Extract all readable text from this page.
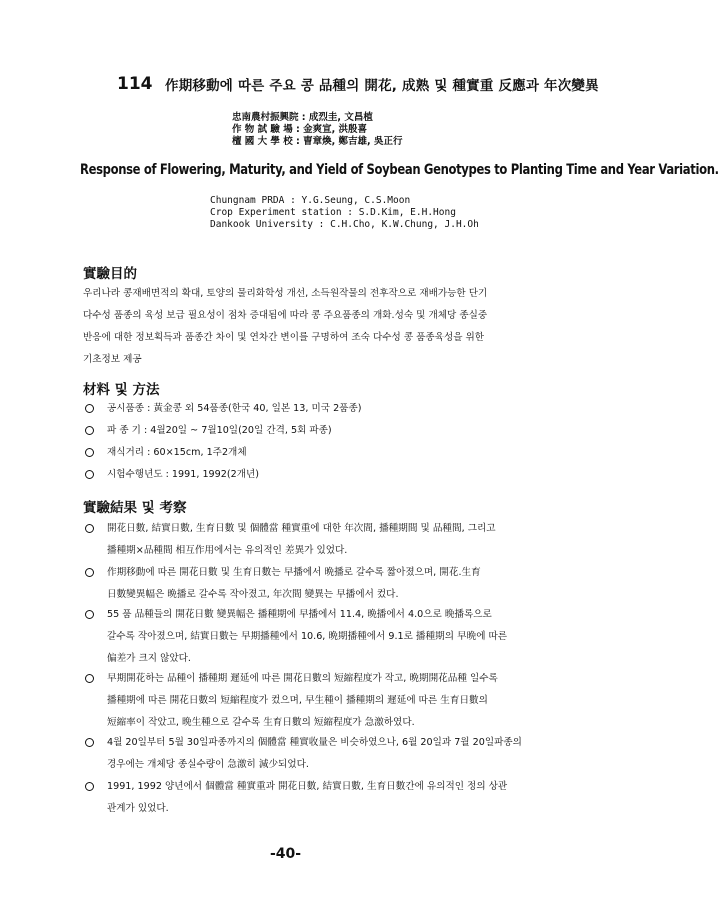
114 作期移動에 따른 주요 콩 品種의 開花, 成熟 및 種實重 反應과 年次變異
忠南農村振興院 : 成烈圭, 文昌植
作 物 試 驗 場 : 金爽宣, 洪殷喜
檀 國 大 學 校 : 曺章煥, 鄭吉雄, 吳正行
Response of Flowering, Maturity, and Yield of Soybean Genotypes to Planting Time and Year Variation.
Chungnam PRDA : Y.G.Seung, C.S.Moon
Crop Experiment station : S.D.Kim, E.H.Hong
Dankook University : C.H.Cho, K.W.Chung, J.H.Oh
實驗目的
우리나라 콩재배면적의 확대, 토양의 물리화학성 개선, 소득원작물의 전후작으로 재배가능한 단기
다수성 품종의 육성 보급 필요성이 점차 증대됨에 따라 콩 주요품종의 개화.성숙 및 개체당 종실중
반응에 대한 정보획득과 품종간 차이 및 연차간 변이를 구명하여 조숙 다수성 콩 품종육성을 위한
기초정보 제공
材料 및 方法
공시품종 : 黃金콩 외 54품종(한국 40, 일본 13, 미국 2품종)
파 종 기 : 4월20일 ~ 7월10일(20일 간격, 5회 파종)
재식거리 : 60×15cm, 1주2개체
시험수행년도 : 1991, 1992(2개년)
實驗結果 및 考察
開花日數, 結實日數, 生育日數 및 個體當 種實重에 대한 年次間, 播種期間 및 品種間, 그리고
播種期×品種間 相互作用에서는 유의적인 差異가 있었다.
作期移動에 따른 開花日數 및 生育日數는 早播에서 晩播로 갈수록 짧아졌으며, 開花.生育
日數變異幅은 晩播로 갈수록 작아졌고, 年次間 變異는 早播에서 컸다.
55 품 品種들의 開花日數 變異幅은 播種期에 早播에서 11.4, 晩播에서 4.0으로 晩播록으로
갈수록 작아졌으며, 結實日數는 早期播種에서 10.6, 晩期播種에서 9.1로 播種期의 早晩에 따른
偏差가 크지 않았다.
早期開花하는 品種이 播種期 遲延에 따른 開花日數의 短縮程度가 작고, 晩期開花品種 일수록
播種期에 따른 開花日數의 短縮程度가 컸으며, 早生種이 播種期의 遲延에 따른 生育日數의
短縮率이 작았고, 晩生種으로 갈수록 生育日數의 短縮程度가 急激하였다.
4월 20일부터 5월 30일파종까지의 個體當 種實收量은 비슷하였으나, 6월 20일과 7월 20일파종의
경우에는 개체당 종실수량이 急激히 減少되었다.
1991, 1992 양년에서 個體當 種實重과 開花日數, 結實日數, 生育日數간에 유의적인 정의 상관
관계가 있었다.
-40-
